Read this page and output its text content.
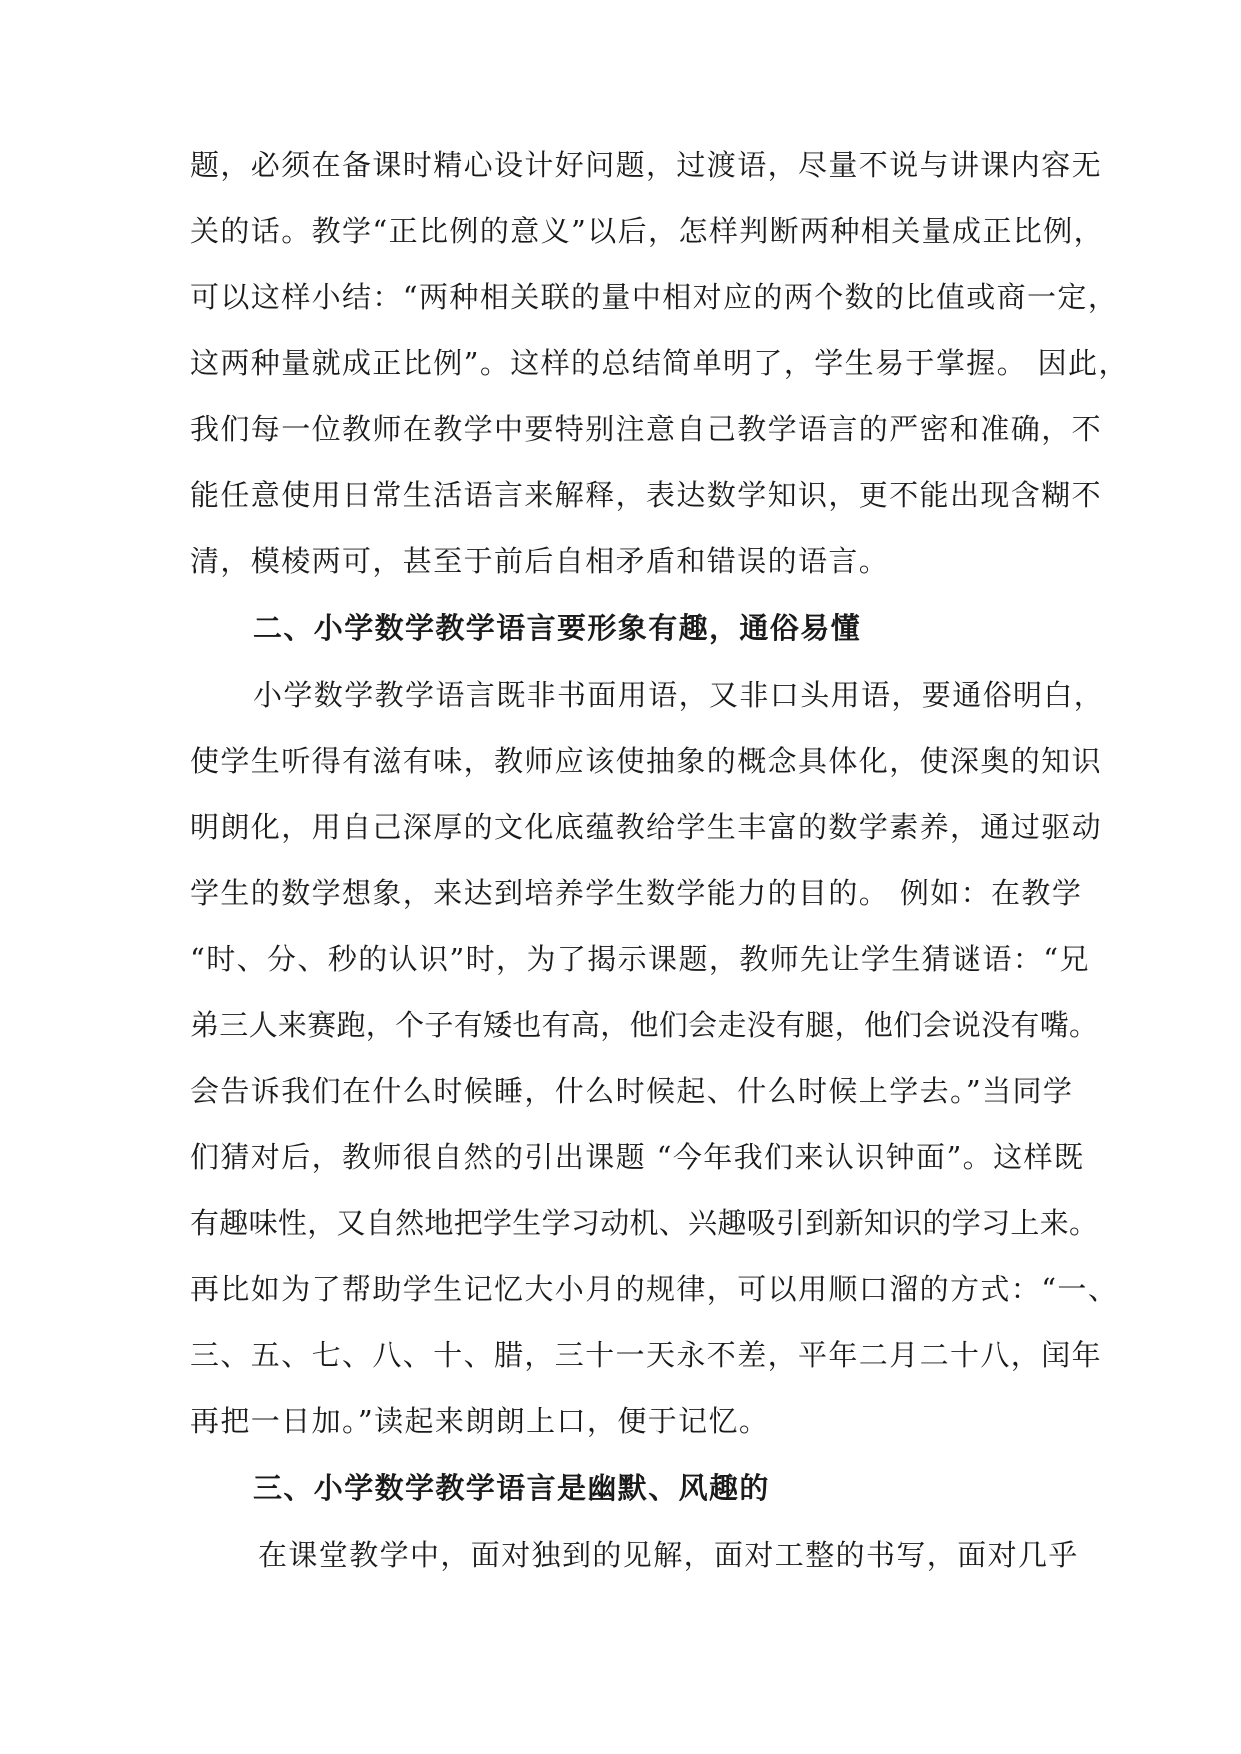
题，必须在备课时精心设计好问题，过渡语，尽量不说与讲课内容无
关的话。教学“正比例的意义”以后，怎样判断两种相关量成正比例，
可以这样小结：“两种相关联的量中相对应的两个数的比值或商一定，
这两种量就成正比例”。这样的总结简单明了，学生易于掌握。 因此，
我们每一位教师在教学中要特别注意自己教学语言的严密和准确，不
能任意使用日常生活语言来解释，表达数学知识，更不能出现含糊不
清，模棱两可，甚至于前后自相矛盾和错误的语言。
二、小学数学教学语言要形象有趣，通俗易懂
小学数学教学语言既非书面用语，又非口头用语，要通俗明白，
使学生听得有滋有味，教师应该使抽象的概念具体化，使深奥的知识
明朗化，用自己深厚的文化底蕴教给学生丰富的数学素养，通过驱动
学生的数学想象，来达到培养学生数学能力的目的。 例如：在教学
“时、分、秒的认识”时，为了揭示课题，教师先让学生猜谜语：“兄
弟三人来赛跑，个子有矮也有高，他们会走没有腿，他们会说没有嘴。
会告诉我们在什么时候睡，什么时候起、什么时候上学去。”当同学
们猜对后，教师很自然的引出课题 “今年我们来认识钟面”。这样既
有趣味性，又自然地把学生学习动机、兴趣吸引到新知识的学习上来。
再比如为了帮助学生记忆大小月的规律，可以用顺口溜的方式：“一、
三、五、七、八、十、腊，三十一天永不差，平年二月二十八，闰年
再把一日加。”读起来朗朗上口，便于记忆。
三、小学数学教学语言是幽默、风趣的
在课堂教学中，面对独到的见解，面对工整的书写，面对几乎
